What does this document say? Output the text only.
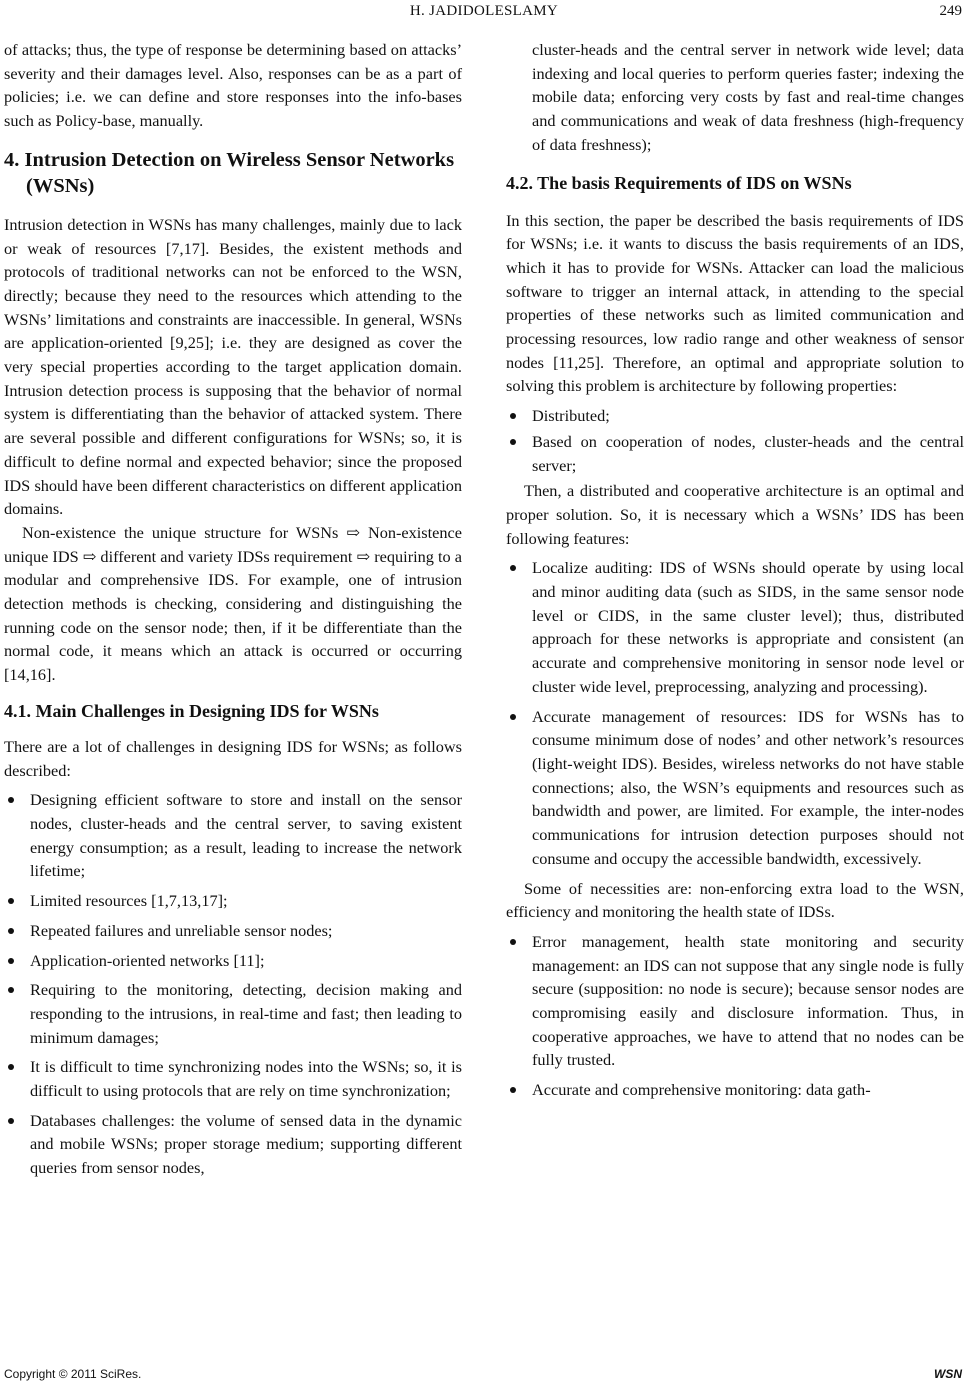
H. JADIDOLESLAMY	249

of attacks; thus, the type of response be determining based on attacks’ severity and their damages level. Also, responses can be as a part of policies; i.e. we can define and store responses into the info-bases such as Policy-base, manually.

4. Intrusion Detection on Wireless Sensor Networks (WSNs)

Intrusion detection in WSNs has many challenges, mainly due to lack or weak of resources [7,17]. Besides, the existent methods and protocols of traditional networks can not be enforced to the WSN, directly; because they need to the resources which attending to the WSNs’ limitations and constraints are inaccessible. In general, WSNs are application-oriented [9,25]; i.e. they are designed as cover the very special properties according to the target application domain. Intrusion detection process is supposing that the behavior of normal system is differentiating than the behavior of attacked system. There are several possible and different configurations for WSNs; so, it is difficult to define normal and expected behavior; since the proposed IDS should have been different characteristics on different application domains.

Non-existence the unique structure for WSNs ⇨ Non-existence unique IDS ⇨ different and variety IDSs requirement ⇨ requiring to a modular and comprehensive IDS. For example, one of intrusion detection methods is checking, considering and distinguishing the running code on the sensor node; then, if it be differentiate than the normal code, it means which an attack is occurred or occurring [14,16].

4.1. Main Challenges in Designing IDS for WSNs

There are a lot of challenges in designing IDS for WSNs; as follows described:

Designing efficient software to store and install on the sensor nodes, cluster-heads and the central server, to saving existent energy consumption; as a result, leading to increase the network lifetime;
Limited resources [1,7,13,17];
Repeated failures and unreliable sensor nodes;
Application-oriented networks [11];
Requiring to the monitoring, detecting, decision making and responding to the intrusions, in real-time and fast; then leading to minimum damages;
It is difficult to time synchronizing nodes into the WSNs; so, it is difficult to using protocols that are rely on time synchronization;
Databases challenges: the volume of sensed data in the dynamic and mobile WSNs; proper storage medium; supporting different queries from sensor nodes,

cluster-heads and the central server in network wide level; data indexing and local queries to perform queries faster; indexing the mobile data; enforcing very costs by fast and real-time changes and communications and weak of data freshness (high-frequency of data freshness);

4.2. The basis Requirements of IDS on WSNs

In this section, the paper be described the basis requirements of IDS for WSNs; i.e. it wants to discuss the basis requirements of an IDS, which it has to provide for WSNs. Attacker can load the malicious software to trigger an internal attack, in attending to the special properties of these networks such as limited communication and processing resources, low radio range and other weakness of sensor nodes [11,25]. Therefore, an optimal and appropriate solution to solving this problem is architecture by following properties:

Distributed;
Based on cooperation of nodes, cluster-heads and the central server;

Then, a distributed and cooperative architecture is an optimal and proper solution. So, it is necessary which a WSNs’ IDS has been following features:

Localize auditing: IDS of WSNs should operate by using local and minor auditing data (such as SIDS, in the same sensor node level or CIDS, in the same cluster level); thus, distributed approach for these networks is appropriate and consistent (an accurate and comprehensive monitoring in sensor node level or cluster wide level, preprocessing, analyzing and processing).
Accurate management of resources: IDS for WSNs has to consume minimum dose of nodes’ and other network’s resources (light-weight IDS). Besides, wireless networks do not have stable connections; also, the WSN’s equipments and resources such as bandwidth and power, are limited. For example, the inter-nodes communications for intrusion detection purposes should not consume and occupy the accessible bandwidth, excessively.

Some of necessities are: non-enforcing extra load to the WSN, efficiency and monitoring the health state of IDSs.

Error management, health state monitoring and security management: an IDS can not suppose that any single node is fully secure (supposition: no node is secure); because sensor nodes are compromising easily and disclosure information. Thus, in cooperative approaches, we have to attend that no nodes can be fully trusted.
Accurate and comprehensive monitoring: data gath-
Copyright © 2011 SciRes.	WSN
